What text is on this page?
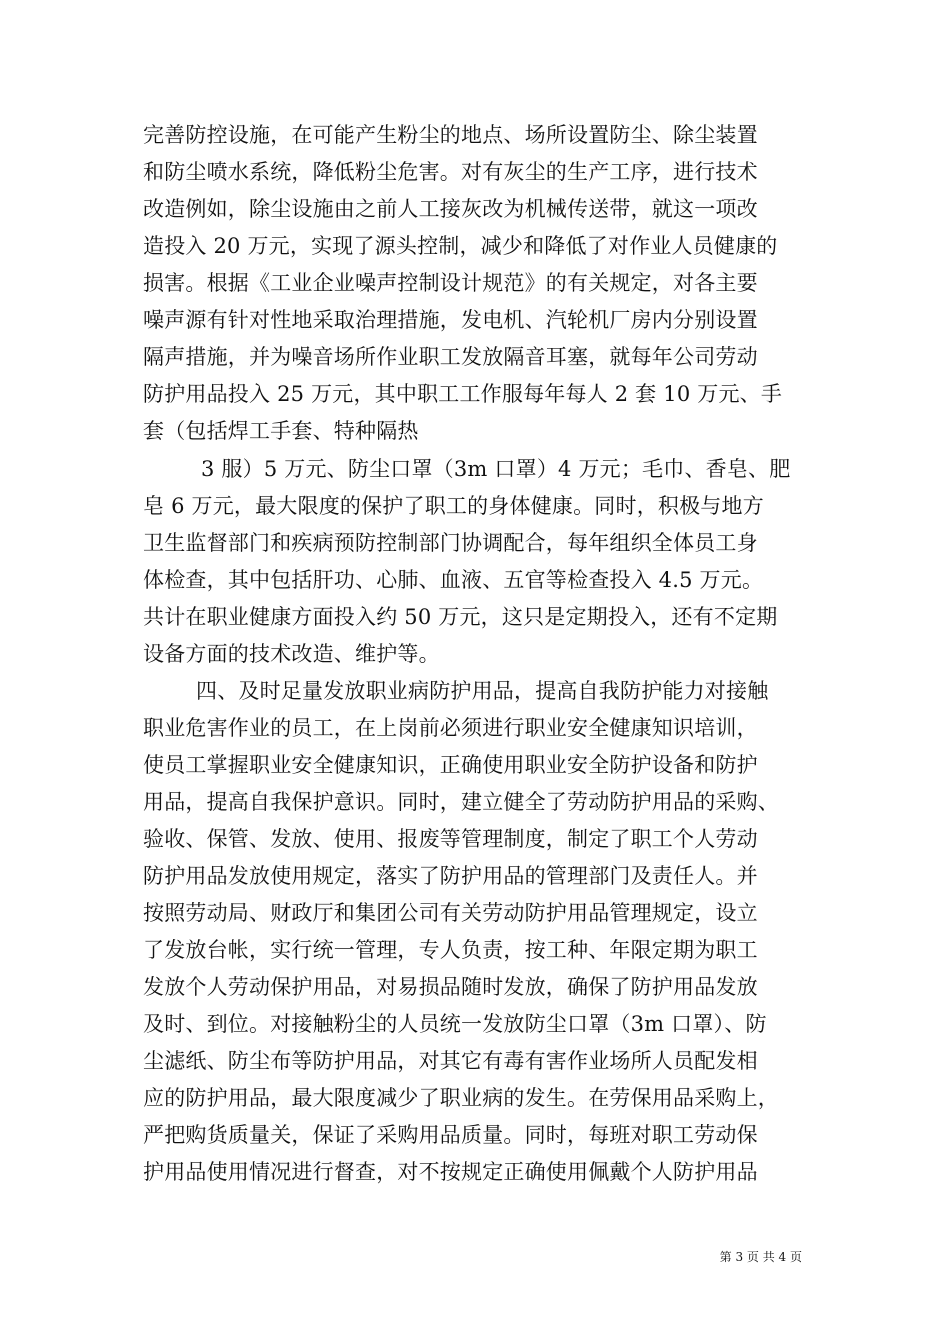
完善防控设施，在可能产生粉尘的地点、场所设置防尘、除尘装置
和防尘喷水系统，降低粉尘危害。对有灰尘的生产工序，进行技术
改造例如，除尘设施由之前人工接灰改为机械传送带，就这一项改
造投入 20 万元，实现了源头控制，减少和降低了对作业人员健康的
损害。根据《工业企业噪声控制设计规范》的有关规定，对各主要
噪声源有针对性地采取治理措施，发电机、汽轮机厂房内分别设置
隔声措施，并为噪音场所作业职工发放隔音耳塞，就每年公司劳动
防护用品投入 25 万元，其中职工工作服每年每人 2 套 10 万元、手
套（包括焊工手套、特种隔热
3 服）5 万元、防尘口罩（3m 口罩）4 万元；毛巾、香皂、肥
皂 6 万元，最大限度的保护了职工的身体健康。同时，积极与地方
卫生监督部门和疾病预防控制部门协调配合，每年组织全体员工身
体检查，其中包括肝功、心肺、血液、五官等检查投入 4.5 万元。
共计在职业健康方面投入约 50 万元，这只是定期投入，还有不定期
设备方面的技术改造、维护等。
四、及时足量发放职业病防护用品，提高自我防护能力对接触
职业危害作业的员工，在上岗前必须进行职业安全健康知识培训，
使员工掌握职业安全健康知识，正确使用职业安全防护设备和防护
用品，提高自我保护意识。同时，建立健全了劳动防护用品的采购、
验收、保管、发放、使用、报废等管理制度，制定了职工个人劳动
防护用品发放使用规定，落实了防护用品的管理部门及责任人。并
按照劳动局、财政厅和集团公司有关劳动防护用品管理规定，设立
了发放台帐，实行统一管理，专人负责，按工种、年限定期为职工
发放个人劳动保护用品，对易损品随时发放，确保了防护用品发放
及时、到位。对接触粉尘的人员统一发放防尘口罩（3m 口罩）、防
尘滤纸、防尘布等防护用品，对其它有毒有害作业场所人员配发相
应的防护用品，最大限度减少了职业病的发生。在劳保用品采购上，
严把购货质量关，保证了采购用品质量。同时，每班对职工劳动保
护用品使用情况进行督查，对不按规定正确使用佩戴个人防护用品
第 3 页 共 4 页
